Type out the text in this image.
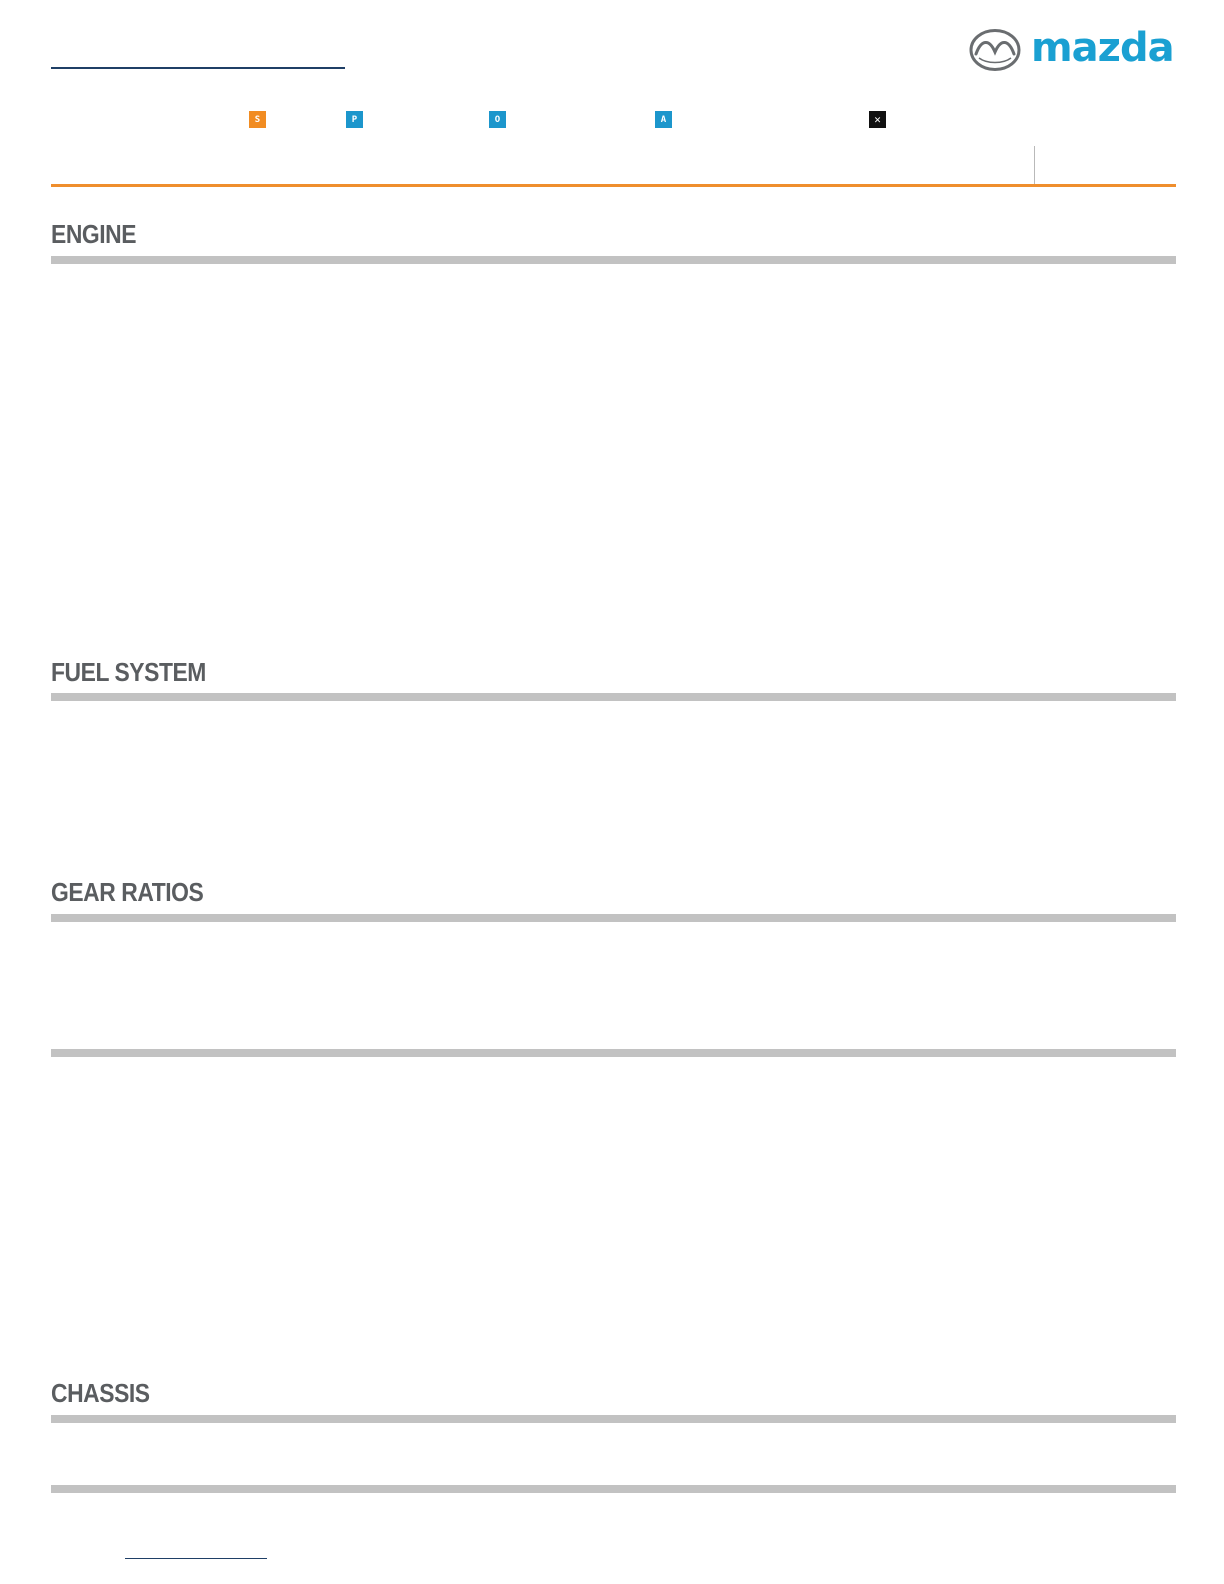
mazda
S	P	O	A	✕
ENGINE
FUEL SYSTEM
GEAR RATIOS
CHASSIS
